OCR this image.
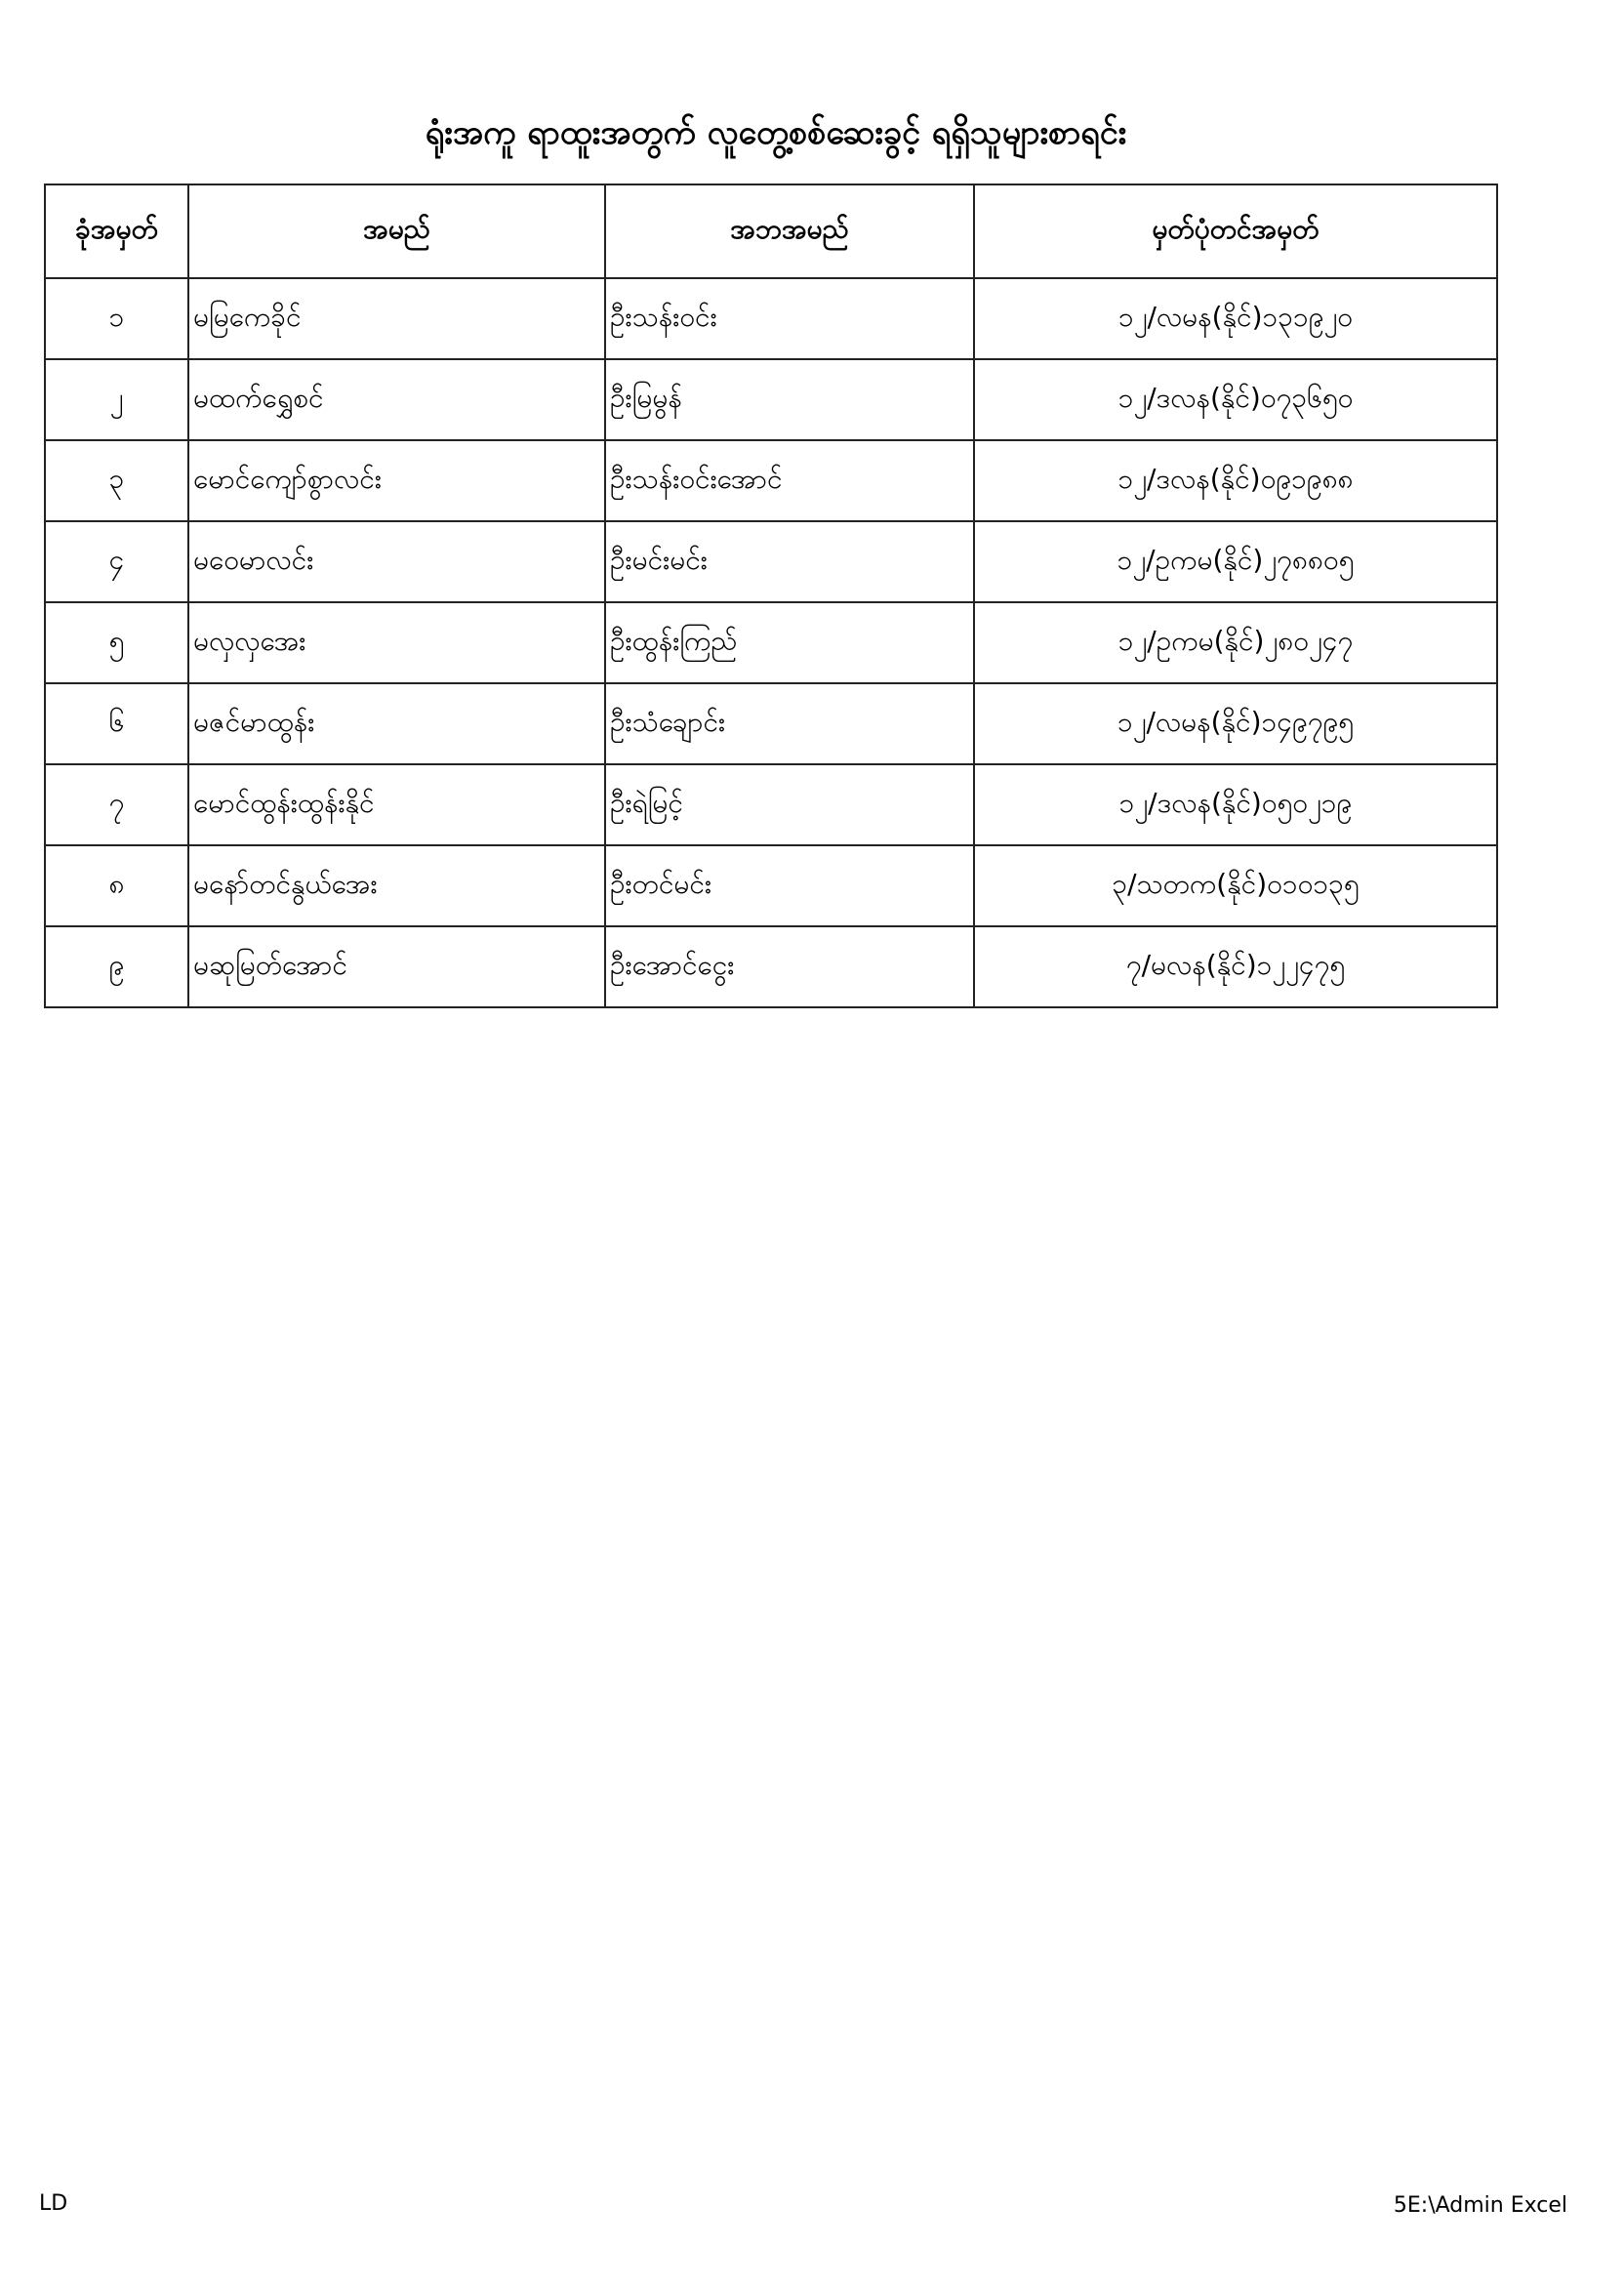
ရုံးအကူ ရာထူးအတွက် လူတွေ့စစ်ဆေးခွင့် ရရှိသူများစာရင်း
ခုံအမှတ်	အမည်	အဘအမည်	မှတ်ပုံတင်အမှတ်
၁	မမြကေခိုင်	ဦးသန်းဝင်း	၁၂/လမန(နိုင်)၁၃၁၉၂၀
၂	မထက်ရွှေစင်	ဦးမြမွန်	၁၂/ဒလန(နိုင်)၀၇၃၆၅၀
၃	မောင်ကျော်စွာလင်း	ဦးသန်းဝင်းအောင်	၁၂/ဒလန(နိုင်)၀၉၁၉၈၈
၄	မဝေမာလင်း	ဦးမင်းမင်း	၁၂/ဥကမ(နိုင်)၂၇၈၈၀၅
၅	မလှလှအေး	ဦးထွန်းကြည်	၁၂/ဥကမ(နိုင်)၂၈၀၂၄၇
၆	မဇင်မာထွန်း	ဦးသံချောင်း	၁၂/လမန(နိုင်)၁၄၉၇၉၅
၇	မောင်ထွန်းထွန်းနိုင်	ဦးရဲမြင့်	၁၂/ဒလန(နိုင်)၀၅၀၂၁၉
၈	မနော်တင်နွယ်အေး	ဦးတင်မင်း	၃/သတက(နိုင်)၀၁၀၁၃၅
၉	မဆုမြတ်အောင်	ဦးအောင်ငွေး	၇/မလန(နိုင်)၁၂၂၄၇၅
LD	5E:\Admin Excel
